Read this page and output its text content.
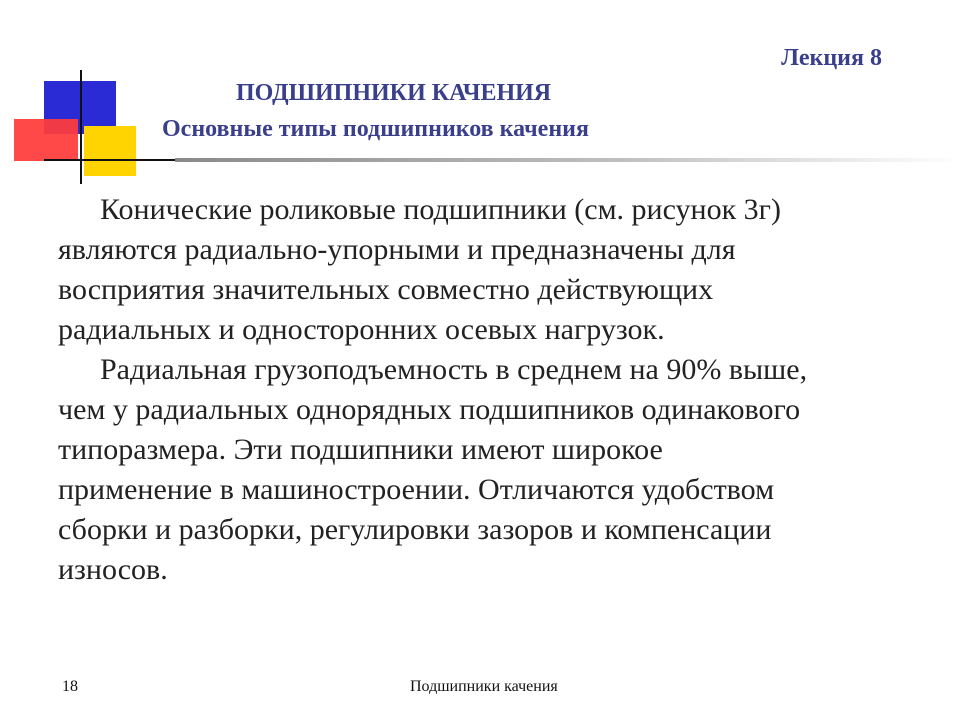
Лекция 8
ПОДШИПНИКИ КАЧЕНИЯ
Основные типы подшипников качения

Конические роликовые подшипники (см. рисунок 3г)
являются радиально-упорными и предназначены для
восприятия значительных совместно действующих
радиальных и односторонних осевых нагрузок.

Радиальная грузоподъемность в среднем на 90% выше,
чем у радиальных однорядных подшипников одинакового
типоразмера. Эти подшипники имеют широкое
применение в машиностроении. Отличаются удобством
сборки и разборки, регулировки зазоров и компенсации
износов.

18	Подшипники качения
